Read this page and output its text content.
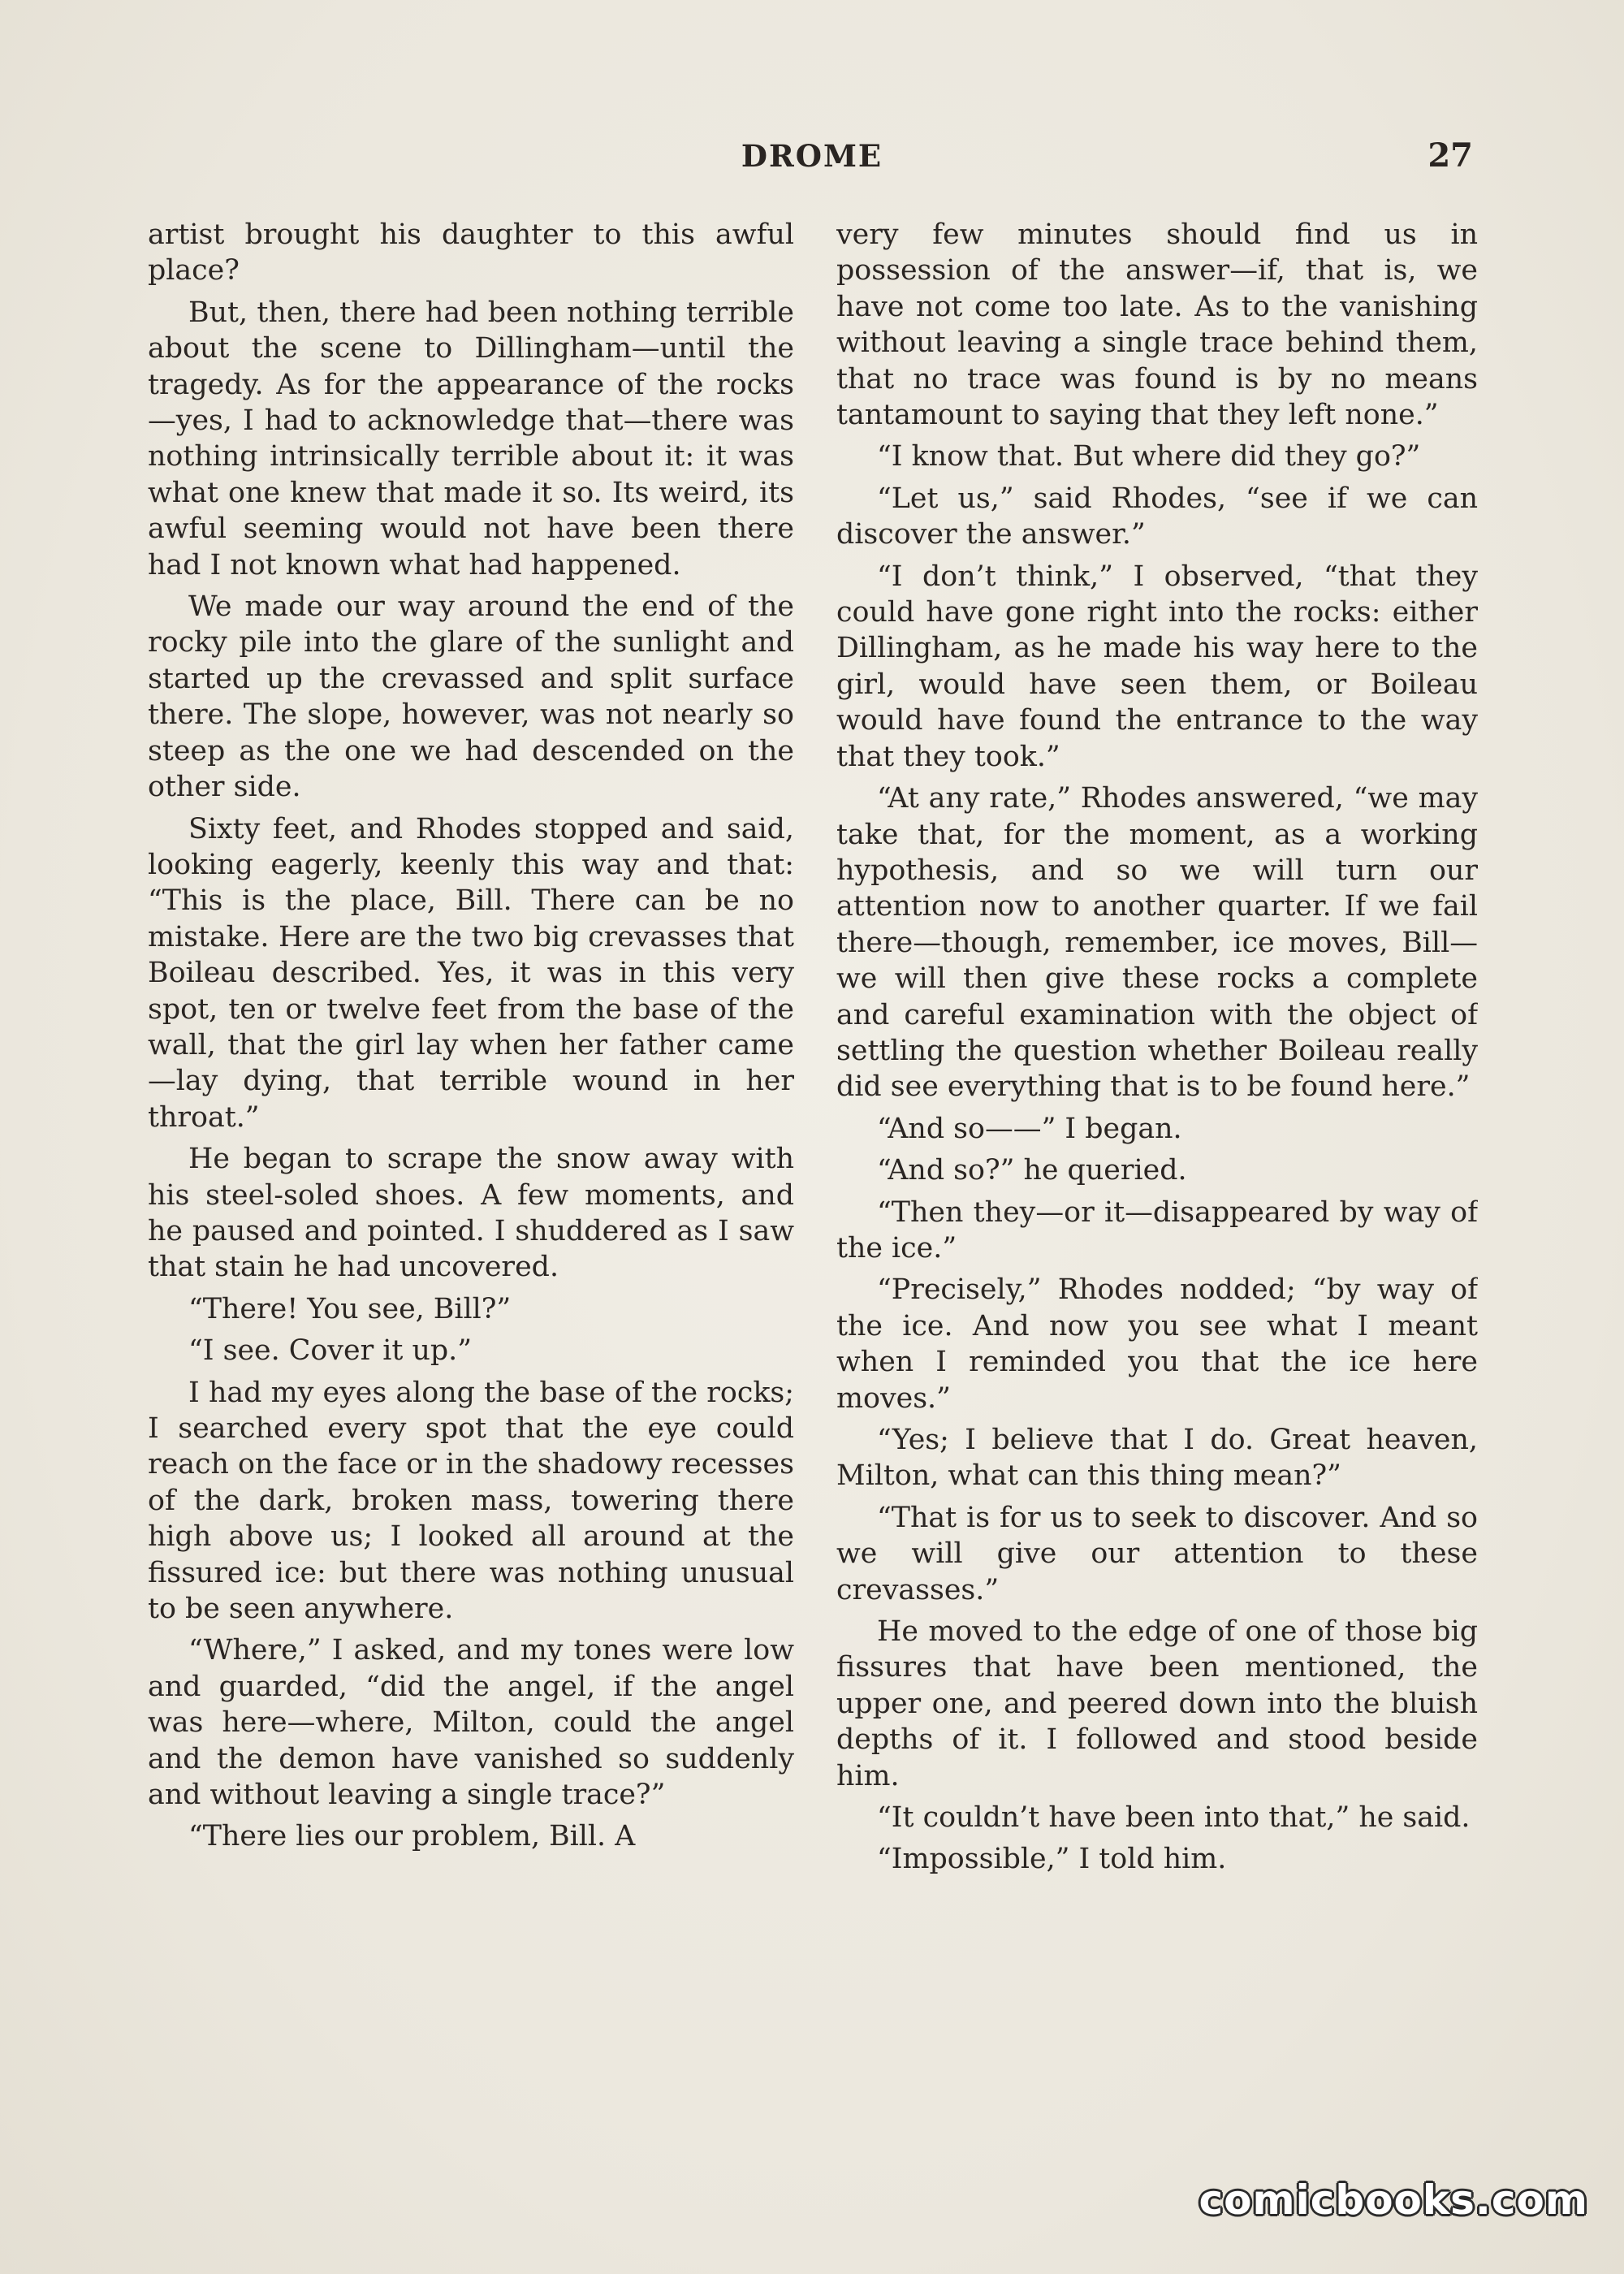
DROME	27

artist brought his daughter to this awful place?

But, then, there had been nothing terrible about the scene to Dillingham—until the tragedy. As for the appearance of the rocks—yes, I had to acknowledge that—there was nothing intrinsically terrible about it: it was what one knew that made it so. Its weird, its awful seeming would not have been there had I not known what had happened.

We made our way around the end of the rocky pile into the glare of the sunlight and started up the crevassed and split surface there. The slope, however, was not nearly so steep as the one we had descended on the other side.

Sixty feet, and Rhodes stopped and said, looking eagerly, keenly this way and that: “This is the place, Bill. There can be no mistake. Here are the two big crevasses that Boileau described. Yes, it was in this very spot, ten or twelve feet from the base of the wall, that the girl lay when her father came—lay dying, that terrible wound in her throat.”

He began to scrape the snow away with his steel-soled shoes. A few moments, and he paused and pointed. I shuddered as I saw that stain he had uncovered.

“There! You see, Bill?”

“I see. Cover it up.”

I had my eyes along the base of the rocks; I searched every spot that the eye could reach on the face or in the shadowy recesses of the dark, broken mass, towering there high above us; I looked all around at the fissured ice: but there was nothing unusual to be seen anywhere.

“Where,” I asked, and my tones were low and guarded, “did the angel, if the angel was here—where, Milton, could the angel and the demon have vanished so suddenly and without leaving a single trace?”

“There lies our problem, Bill. A

very few minutes should find us in possession of the answer—if, that is, we have not come too late. As to the vanishing without leaving a single trace behind them, that no trace was found is by no means tantamount to saying that they left none.”

“I know that. But where did they go?”

“Let us,” said Rhodes, “see if we can discover the answer.”

“I don’t think,” I observed, “that they could have gone right into the rocks: either Dillingham, as he made his way here to the girl, would have seen them, or Boileau would have found the entrance to the way that they took.”

“At any rate,” Rhodes answered, “we may take that, for the moment, as a working hypothesis, and so we will turn our attention now to another quarter. If we fail there—though, remember, ice moves, Bill—we will then give these rocks a complete and careful examination with the object of settling the question whether Boileau really did see everything that is to be found here.”

“And so——” I began.

“And so?” he queried.

“Then they—or it—disappeared by way of the ice.”

“Precisely,” Rhodes nodded; “by way of the ice. And now you see what I meant when I reminded you that the ice here moves.”

“Yes; I believe that I do. Great heaven, Milton, what can this thing mean?”

“That is for us to seek to discover. And so we will give our attention to these crevasses.”

He moved to the edge of one of those big fissures that have been mentioned, the upper one, and peered down into the bluish depths of it. I followed and stood beside him.

“It couldn’t have been into that,” he said.

“Impossible,” I told him.

comicbooks.com
